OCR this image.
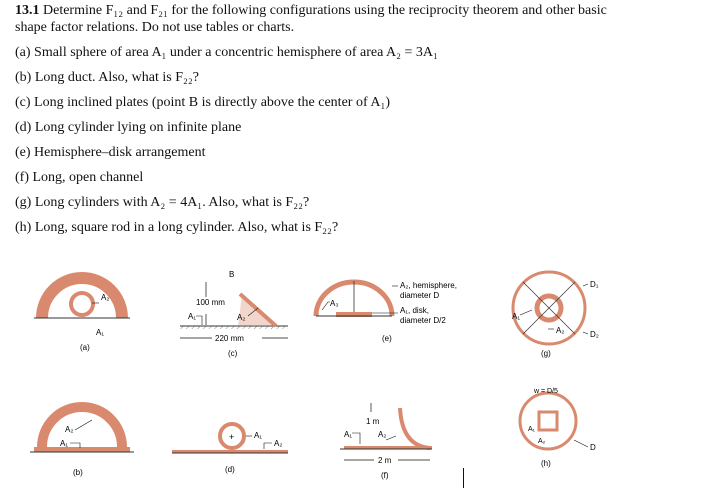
13.1 Determine F₁₂ and F₂₁ for the following configurations using the reciprocity theorem and other basic
shape factor relations. Do not use tables or charts.
(a) Small sphere of area A₁ under a concentric hemisphere of area A₂ = 3A₁
(b) Long duct. Also, what is F₂₂?
(c) Long inclined plates (point B is directly above the center of A₁)
(d) Long cylinder lying on infinite plane
(e) Hemisphere–disk arrangement
(f) Long, open channel
(g) Long cylinders with A₂ = 4A₁. Also, what is F₂₂?
(h) Long, square rod in a long cylinder. Also, what is F₂₂?
A₂
A₁
(a)
A₂
A₁
(b)
B
100 mm
A₁	A₂
220 mm
(c)
+ A₁
A₂
(d)
A₃
A₂, hemisphere,
diameter D
A₁, disk,
diameter D/2
(e)
1 m
A₁	A₂
2 m
(f)
D₁
D₂
A₁
A₂
(g)
w = D/5
D
A₁
A₂
(h)
